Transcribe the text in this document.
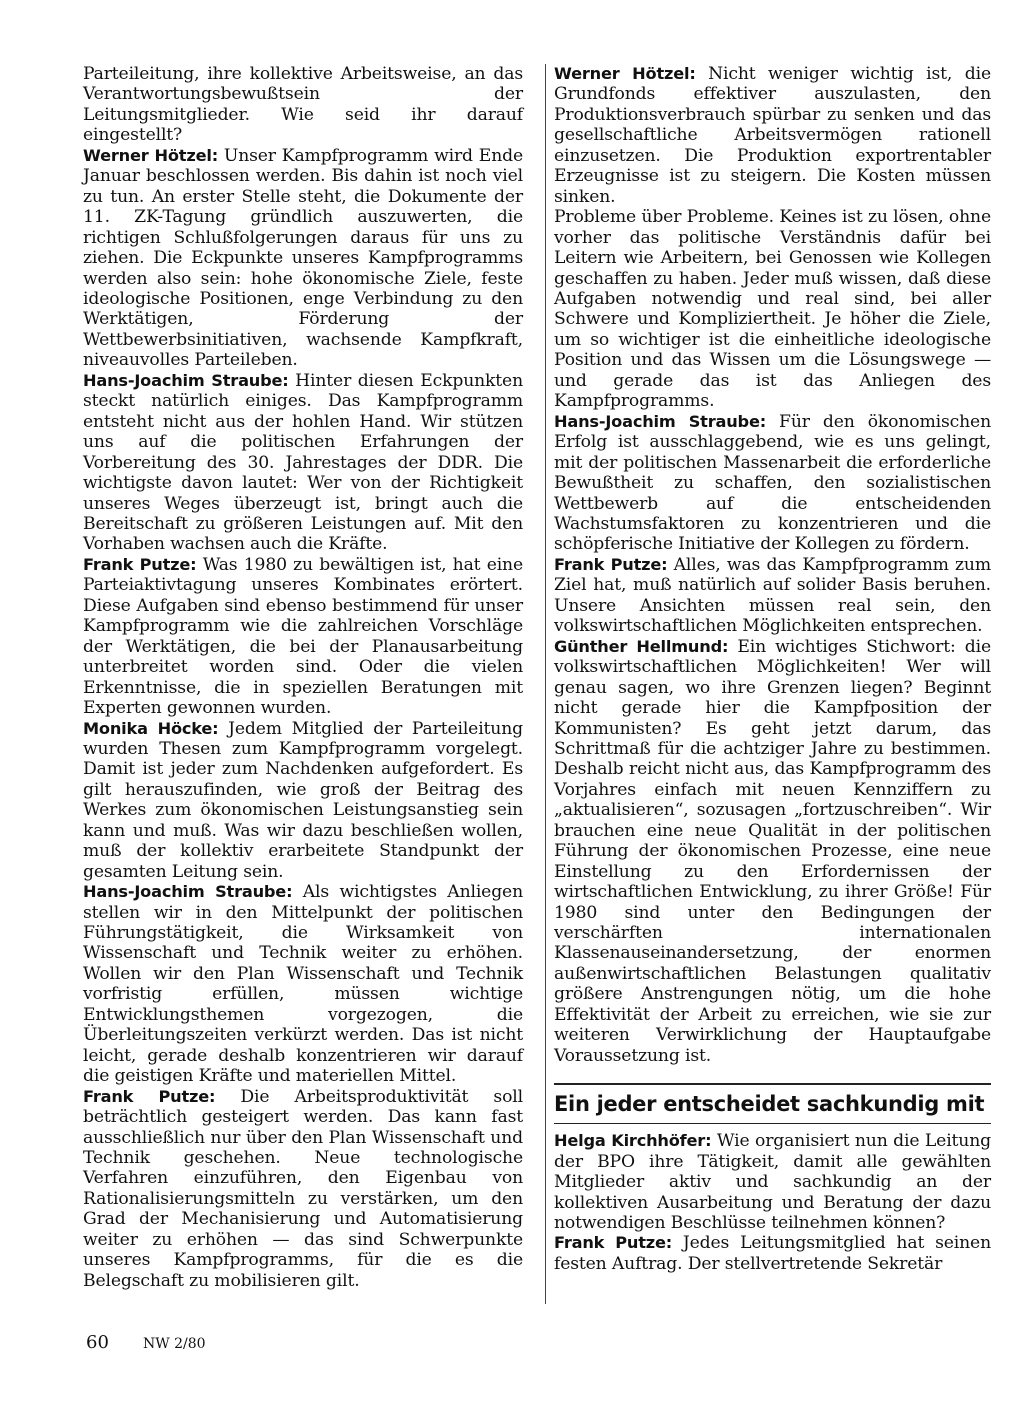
Parteileitung, ihre kollektive Arbeitsweise, an das Verantwortungsbewußtsein der Leitungsmitglieder. Wie seid ihr darauf eingestellt?

Werner Hötzel: Unser Kampfprogramm wird Ende Januar beschlossen werden. Bis dahin ist noch viel zu tun. An erster Stelle steht, die Dokumente der 11. ZK-Tagung gründlich auszuwerten, die richtigen Schlußfolgerungen daraus für uns zu ziehen. Die Eckpunkte unseres Kampfprogramms werden also sein: hohe ökonomische Ziele, feste ideologische Positionen, enge Verbindung zu den Werktätigen, Förderung der Wettbewerbsinitiativen, wachsende Kampfkraft, niveauvolles Parteileben.

Hans-Joachim Straube: Hinter diesen Eckpunkten steckt natürlich einiges. Das Kampfprogramm entsteht nicht aus der hohlen Hand. Wir stützen uns auf die politischen Erfahrungen der Vorbereitung des 30. Jahrestages der DDR. Die wichtigste davon lautet: Wer von der Richtigkeit unseres Weges überzeugt ist, bringt auch die Bereitschaft zu größeren Leistungen auf. Mit den Vorhaben wachsen auch die Kräfte.

Frank Putze: Was 1980 zu bewältigen ist, hat eine Parteiaktivtagung unseres Kombinates erörtert. Diese Aufgaben sind ebenso bestimmend für unser Kampfprogramm wie die zahlreichen Vorschläge der Werktätigen, die bei der Planausarbeitung unterbreitet worden sind. Oder die vielen Erkenntnisse, die in speziellen Beratungen mit Experten gewonnen wurden.

Monika Höcke: Jedem Mitglied der Parteileitung wurden Thesen zum Kampfprogramm vorgelegt. Damit ist jeder zum Nachdenken aufgefordert. Es gilt herauszufinden, wie groß der Beitrag des Werkes zum ökonomischen Leistungsanstieg sein kann und muß. Was wir dazu beschließen wollen, muß der kollektiv erarbeitete Standpunkt der gesamten Leitung sein.

Hans-Joachim Straube: Als wichtigstes Anliegen stellen wir in den Mittelpunkt der politischen Führungstätigkeit, die Wirksamkeit von Wissenschaft und Technik weiter zu erhöhen. Wollen wir den Plan Wissenschaft und Technik vorfristig erfüllen, müssen wichtige Entwicklungsthemen vorgezogen, die Überleitungszeiten verkürzt werden. Das ist nicht leicht, gerade deshalb konzentrieren wir darauf die geistigen Kräfte und materiellen Mittel.

Frank Putze: Die Arbeitsproduktivität soll beträchtlich gesteigert werden. Das kann fast ausschließlich nur über den Plan Wissenschaft und Technik geschehen. Neue technologische Verfahren einzuführen, den Eigenbau von Rationalisierungsmitteln zu verstärken, um den Grad der Mechanisierung und Automatisierung weiter zu erhöhen — das sind Schwerpunkte unseres Kampfprogramms, für die es die Belegschaft zu mobilisieren gilt.

Werner Hötzel: Nicht weniger wichtig ist, die Grundfonds effektiver auszulasten, den Produktionsverbrauch spürbar zu senken und das gesellschaftliche Arbeitsvermögen rationell einzusetzen. Die Produktion exportrentabler Erzeugnisse ist zu steigern. Die Kosten müssen sinken.

Probleme über Probleme. Keines ist zu lösen, ohne vorher das politische Verständnis dafür bei Leitern wie Arbeitern, bei Genossen wie Kollegen geschaffen zu haben. Jeder muß wissen, daß diese Aufgaben notwendig und real sind, bei aller Schwere und Kompliziertheit. Je höher die Ziele, um so wichtiger ist die einheitliche ideologische Position und das Wissen um die Lösungswege — und gerade das ist das Anliegen des Kampfprogramms.

Hans-Joachim Straube: Für den ökonomischen Erfolg ist ausschlaggebend, wie es uns gelingt, mit der politischen Massenarbeit die erforderliche Bewußtheit zu schaffen, den sozialistischen Wettbewerb auf die entscheidenden Wachstumsfaktoren zu konzentrieren und die schöpferische Initiative der Kollegen zu fördern.

Frank Putze: Alles, was das Kampfprogramm zum Ziel hat, muß natürlich auf solider Basis beruhen. Unsere Ansichten müssen real sein, den volkswirtschaftlichen Möglichkeiten entsprechen.

Günther Hellmund: Ein wichtiges Stichwort: die volkswirtschaftlichen Möglichkeiten! Wer will genau sagen, wo ihre Grenzen liegen? Beginnt nicht gerade hier die Kampfposition der Kommunisten? Es geht jetzt darum, das Schrittmaß für die achtziger Jahre zu bestimmen. Deshalb reicht nicht aus, das Kampfprogramm des Vorjahres einfach mit neuen Kennziffern zu „aktualisieren“, sozusagen „fortzuschreiben“. Wir brauchen eine neue Qualität in der politischen Führung der ökonomischen Prozesse, eine neue Einstellung zu den Erfordernissen der wirtschaftlichen Entwicklung, zu ihrer Größe! Für 1980 sind unter den Bedingungen der verschärften internationalen Klassenauseinandersetzung, der enormen außenwirtschaftlichen Belastungen qualitativ größere Anstrengungen nötig, um die hohe Effektivität der Arbeit zu erreichen, wie sie zur weiteren Verwirklichung der Hauptaufgabe Voraussetzung ist.

Ein jeder entscheidet sachkundig mit

Helga Kirchhöfer: Wie organisiert nun die Leitung der BPO ihre Tätigkeit, damit alle gewählten Mitglieder aktiv und sachkundig an der kollektiven Ausarbeitung und Beratung der dazu notwendigen Beschlüsse teilnehmen können?

Frank Putze: Jedes Leitungsmitglied hat seinen festen Auftrag. Der stellvertretende Sekretär

60 NW 2/80
